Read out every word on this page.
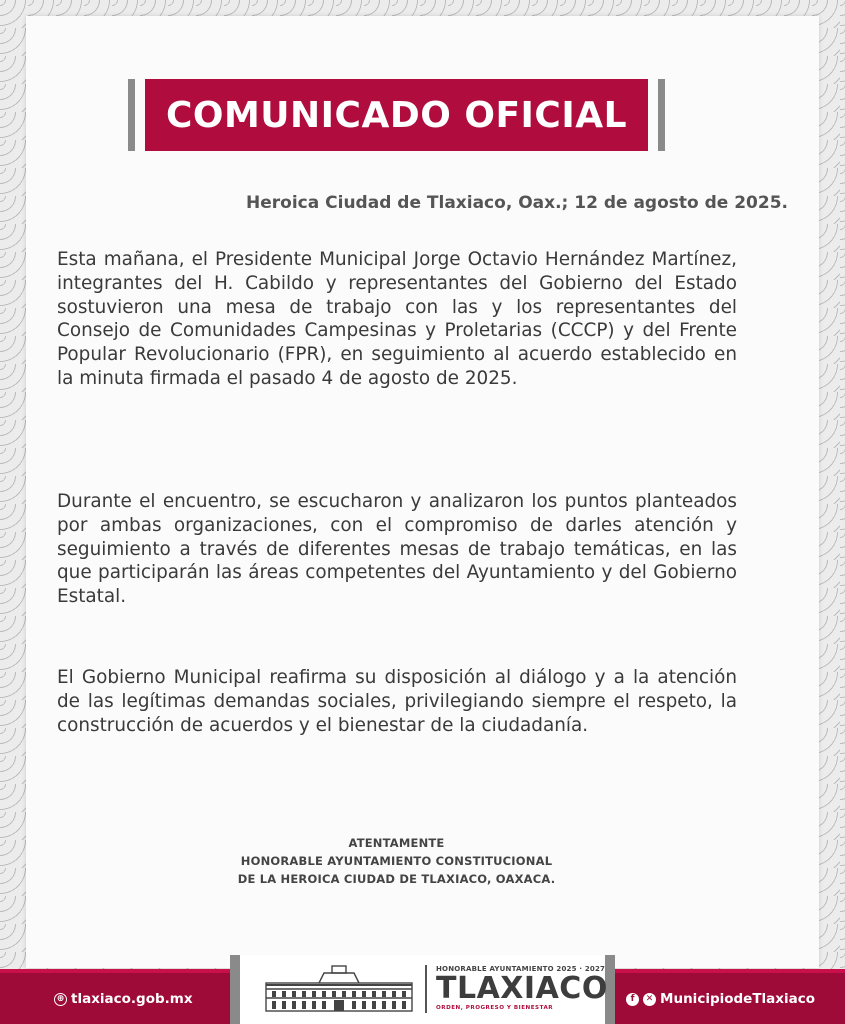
COMUNICADO OFICIAL
Heroica Ciudad de Tlaxiaco, Oax.; 12 de agosto de 2025.

Esta mañana, el Presidente Municipal Jorge Octavio Hernández Martínez, integrantes del H. Cabildo y representantes del Gobierno del Estado sostuvieron una mesa de trabajo con las y los representantes del Consejo de Comunidades Campesinas y Proletarias (CCCP) y del Frente Popular Revolucionario (FPR), en seguimiento al acuerdo establecido en la minuta firmada el pasado 4 de agosto de 2025.

Durante el encuentro, se escucharon y analizaron los puntos planteados por ambas organizaciones, con el compromiso de darles atención y seguimiento a través de diferentes mesas de trabajo temáticas, en las que participarán las áreas competentes del Ayuntamiento y del Gobierno Estatal.

El Gobierno Municipal reafirma su disposición al diálogo y a la atención de las legítimas demandas sociales, privilegiando siempre el respeto, la construcción de acuerdos y el bienestar de la ciudadanía.

ATENTAMENTE
HONORABLE AYUNTAMIENTO CONSTITUCIONAL
DE LA HEROICA CIUDAD DE TLAXIACO, OAXACA.
⊕ tlaxiaco.gob.mx	f	✕ MunicipiodeTlaxiaco
HONORABLE AYUNTAMIENTO 2025 · 2027
TLAXIACO
ORDEN, PROGRESO Y BIENESTAR
